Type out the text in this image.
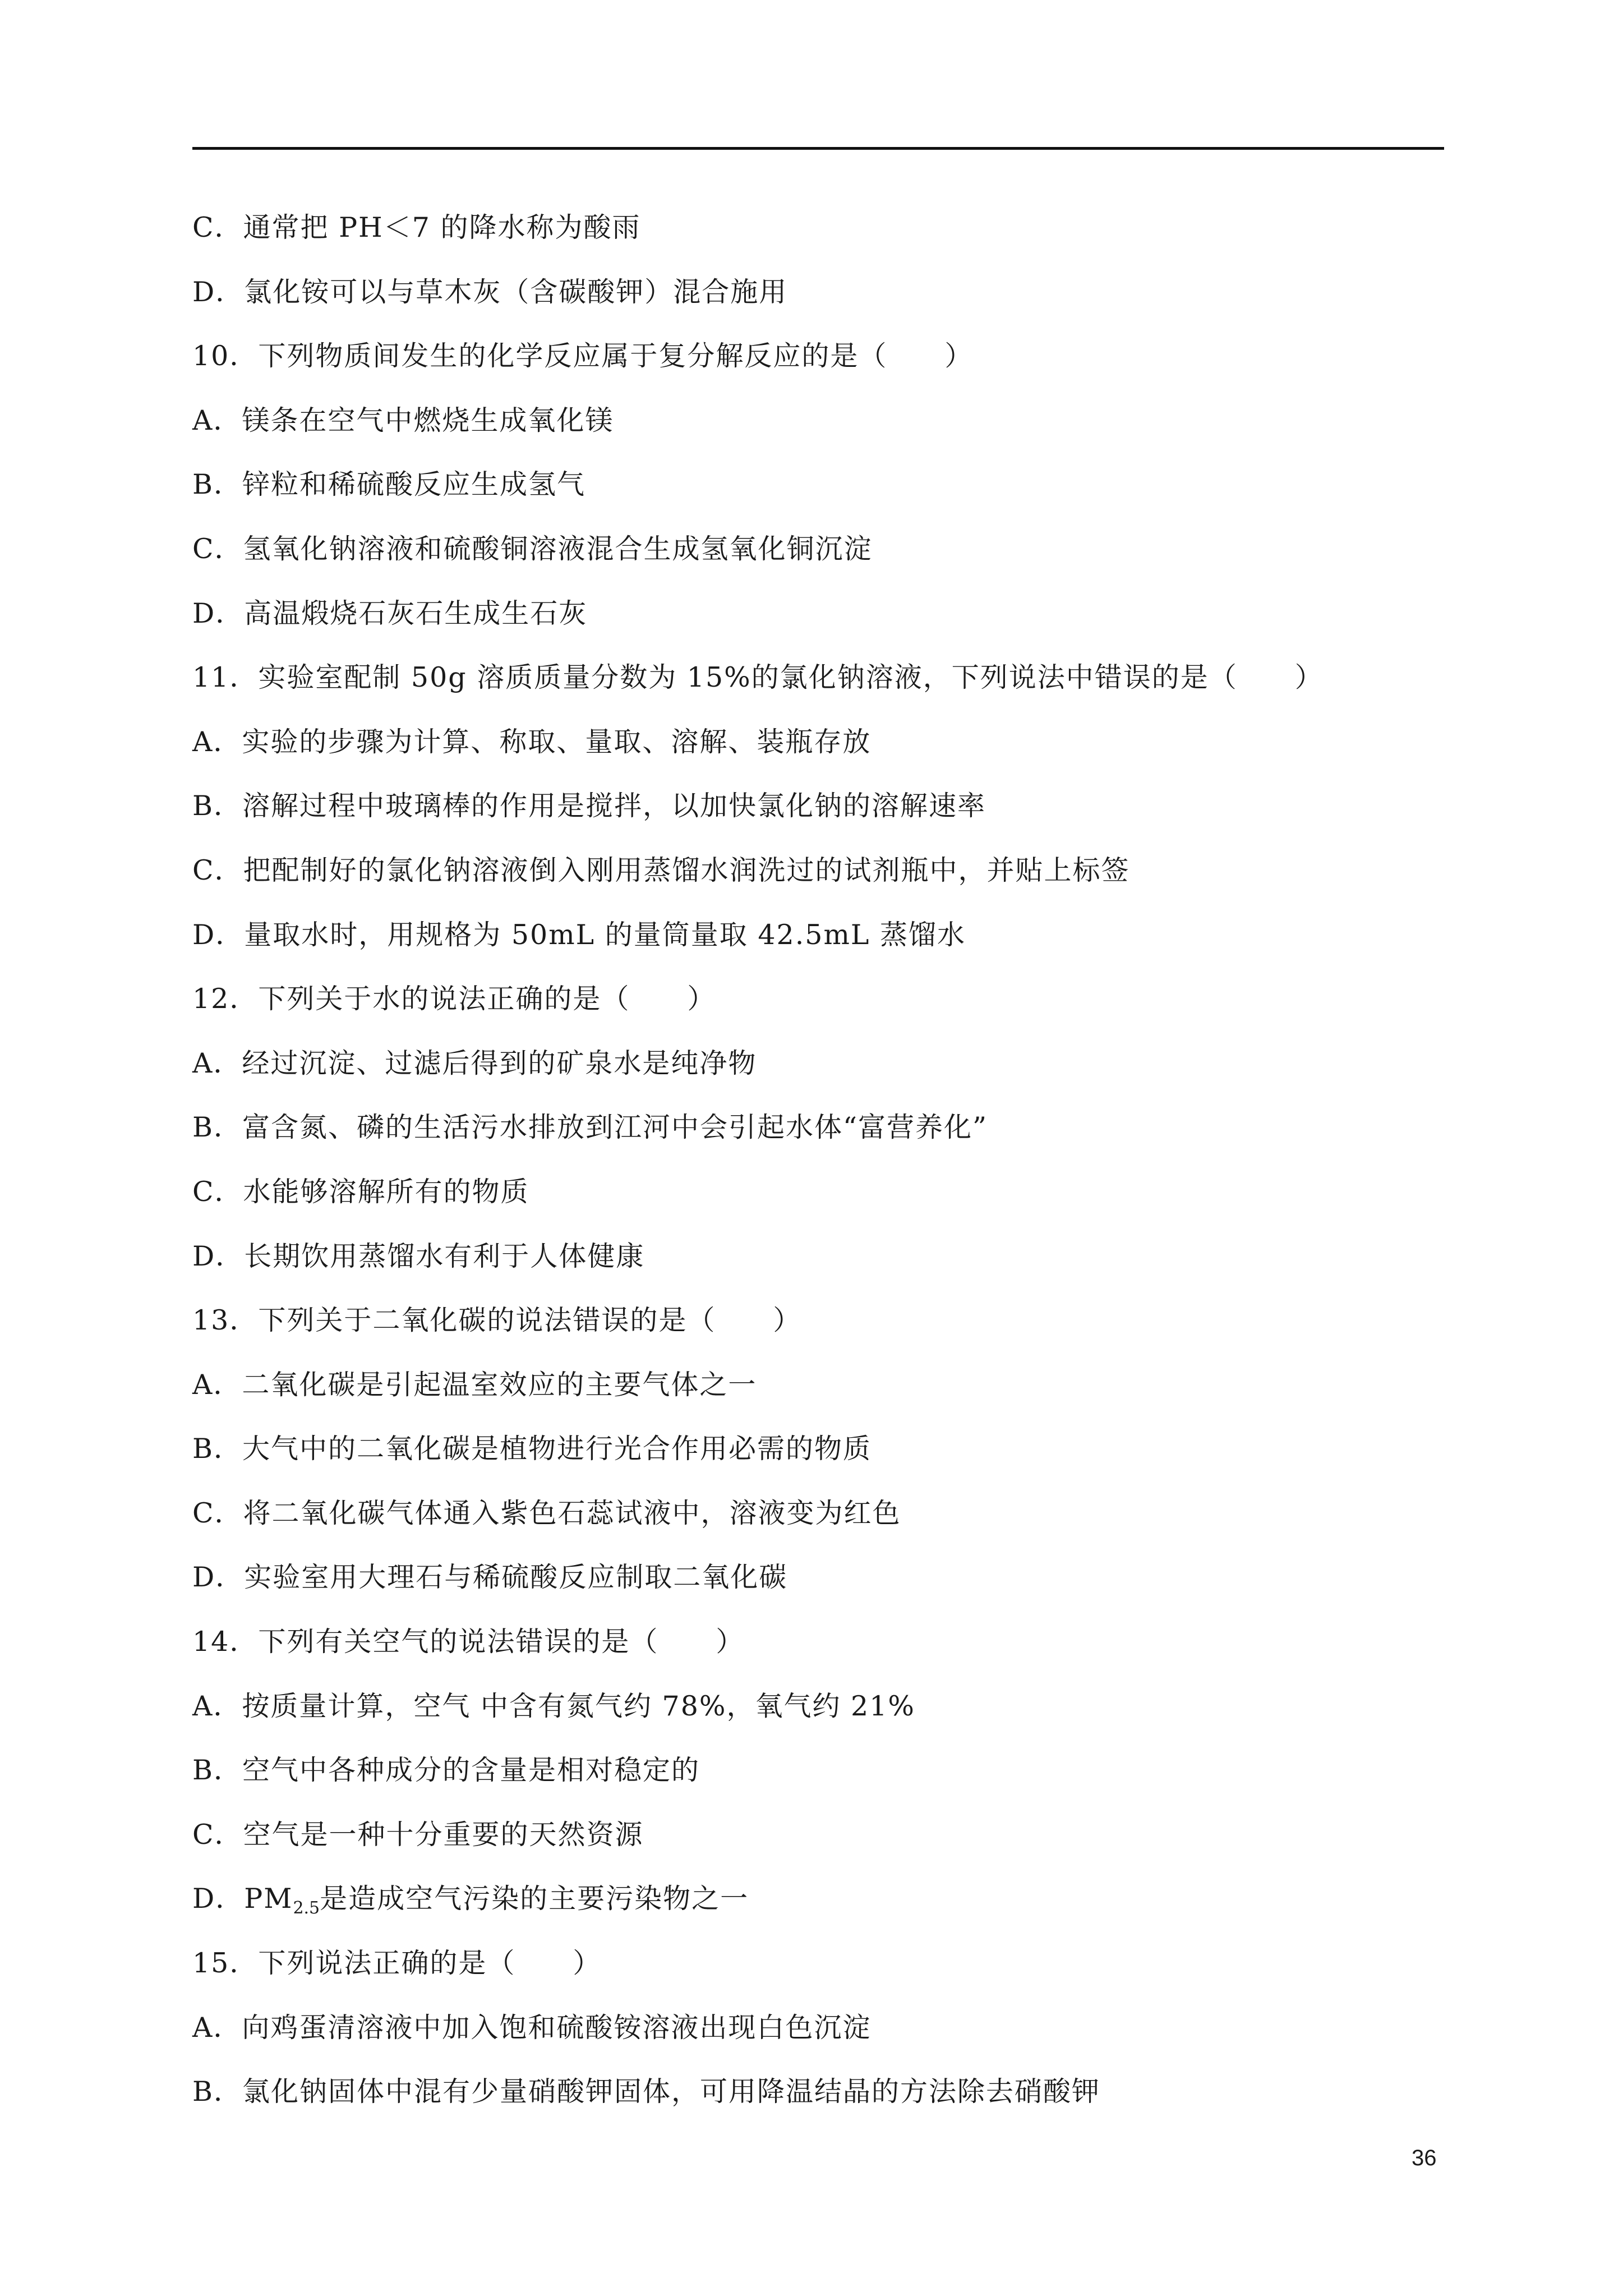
C．通常把 PH＜7 的降水称为酸雨
D．氯化铵可以与草木灰（含碳酸钾）混合施用
10．下列物质间发生的化学反应属于复分解反应的是（　　）
A．镁条在空气中燃烧生成氧化镁
B．锌粒和稀硫酸反应生成氢气
C．氢氧化钠溶液和硫酸铜溶液混合生成氢氧化铜沉淀
D．高温煅烧石灰石生成生石灰
11．实验室配制 50g 溶质质量分数为 15%的氯化钠溶液，下列说法中错误的是（　　）
A．实验的步骤为计算、称取、量取、溶解、装瓶存放
B．溶解过程中玻璃棒的作用是搅拌，以加快氯化钠的溶解速率
C．把配制好的氯化钠溶液倒入刚用蒸馏水润洗过的试剂瓶中，并贴上标签
D．量取水时，用规格为 50mL 的量筒量取 42.5mL 蒸馏水
12．下列关于水的说法正确的是（　　）
A．经过沉淀、过滤后得到的矿泉水是纯净物
B．富含氮、磷的生活污水排放到江河中会引起水体“富营养化”
C．水能够溶解所有的物质
D．长期饮用蒸馏水有利于人体健康
13．下列关于二氧化碳的说法错误的是（　　）
A．二氧化碳是引起温室效应的主要气体之一
B．大气中的二氧化碳是植物进行光合作用必需的物质
C．将二氧化碳气体通入紫色石蕊试液中，溶液变为红色
D．实验室用大理石与稀硫酸反应制取二氧化碳
14．下列有关空气的说法错误的是（　　）
A．按质量计算，空气 中含有氮气约 78%，氧气约 21%
B．空气中各种成分的含量是相对稳定的
C．空气是一种十分重要的天然资源
D．$PM_{2.5}$是造成空气污染的主要污染物之一
15．下列说法正确的是（　　）
A．向鸡蛋清溶液中加入饱和硫酸铵溶液出现白色沉淀
B．氯化钠固体中混有少量硝酸钾固体，可用降温结晶的方法除去硝酸钾
36
